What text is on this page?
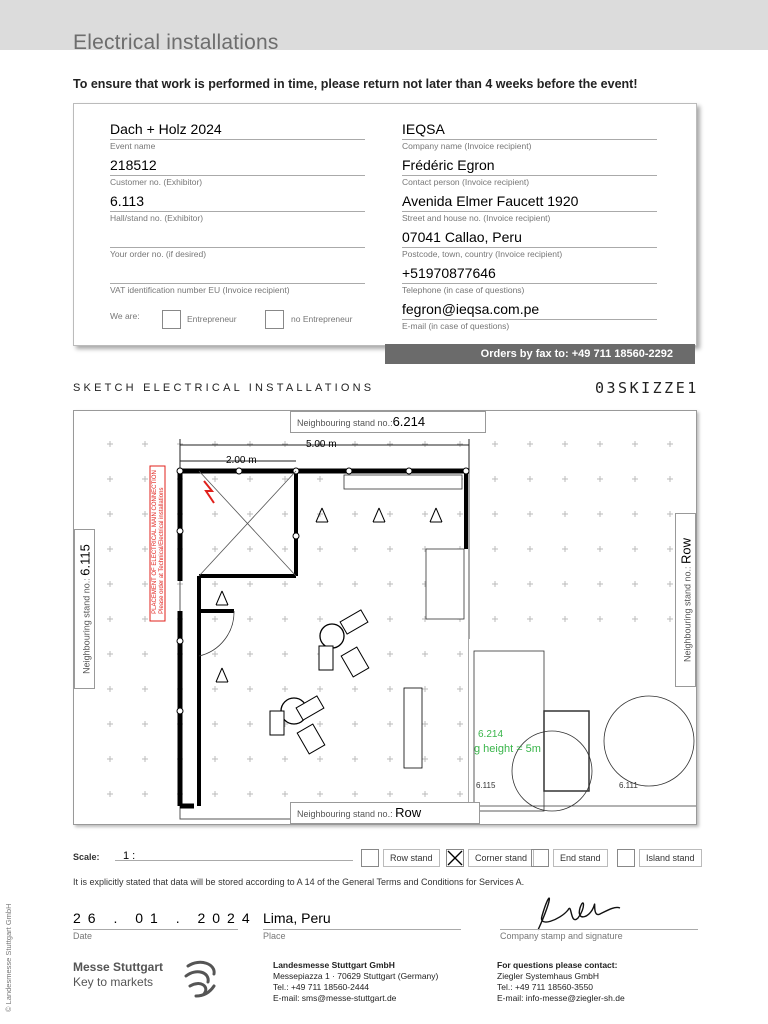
Electrical installations
To ensure that work is performed in time, please return not later than 4 weeks before the event!
Dach + Holz 2024
Event name
218512
Customer no. (Exhibitor)
6.113
Hall/stand no. (Exhibitor)
Your order no. (if desired)
VAT identification number EU (Invoice recipient)
IEQSA
Company name (Invoice recipient)
Frédéric Egron
Contact person (Invoice recipient)
Avenida Elmer Faucett 1920
Street and house no. (Invoice recipient)
07041 Callao, Peru
Postcode, town, country (Invoice recipient)
+51970877646
Telephone (in case of questions)
fegron@ieqsa.com.pe
E-mail (in case of questions)
We are:	Entrepreneur	no Entrepreneur
Orders by fax to: +49 711 18560-2292
SKETCH ELECTRICAL INSTALLATIONS	03SKIZZE1
2.00 m
5.00 m
PLACEMENT OF ELECTRICAL MAIN CONNECTION Please order at Technical/Electrical installations
6.214
g height = 5m
6.115	6.111
Neighbouring stand no.:6.214
Neighbouring stand no.: Row
Neighbouring stand no.: 6.115
Neighbouring stand no.: Row
Scale: 1 :	Row stand	Corner stand	End stand	Island stand
It is explicitly stated that data will be stored according to A 14 of the General Terms and Conditions for Services A.
26 . 01 . 2024
Date
Lima, Peru
Place	Company stamp and signature
Messe Stuttgart
Key to markets
Landesmesse Stuttgart GmbH
Messepiazza 1 · 70629 Stuttgart (Germany)
Tel.: +49 711 18560-2444
E-mail: sms@messe-stuttgart.de
For questions please contact:
Ziegler Systemhaus GmbH
Tel.: +49 711 18560-3550
E-mail: info-messe@ziegler-sh.de
© Landesmesse Stuttgart GmbH
